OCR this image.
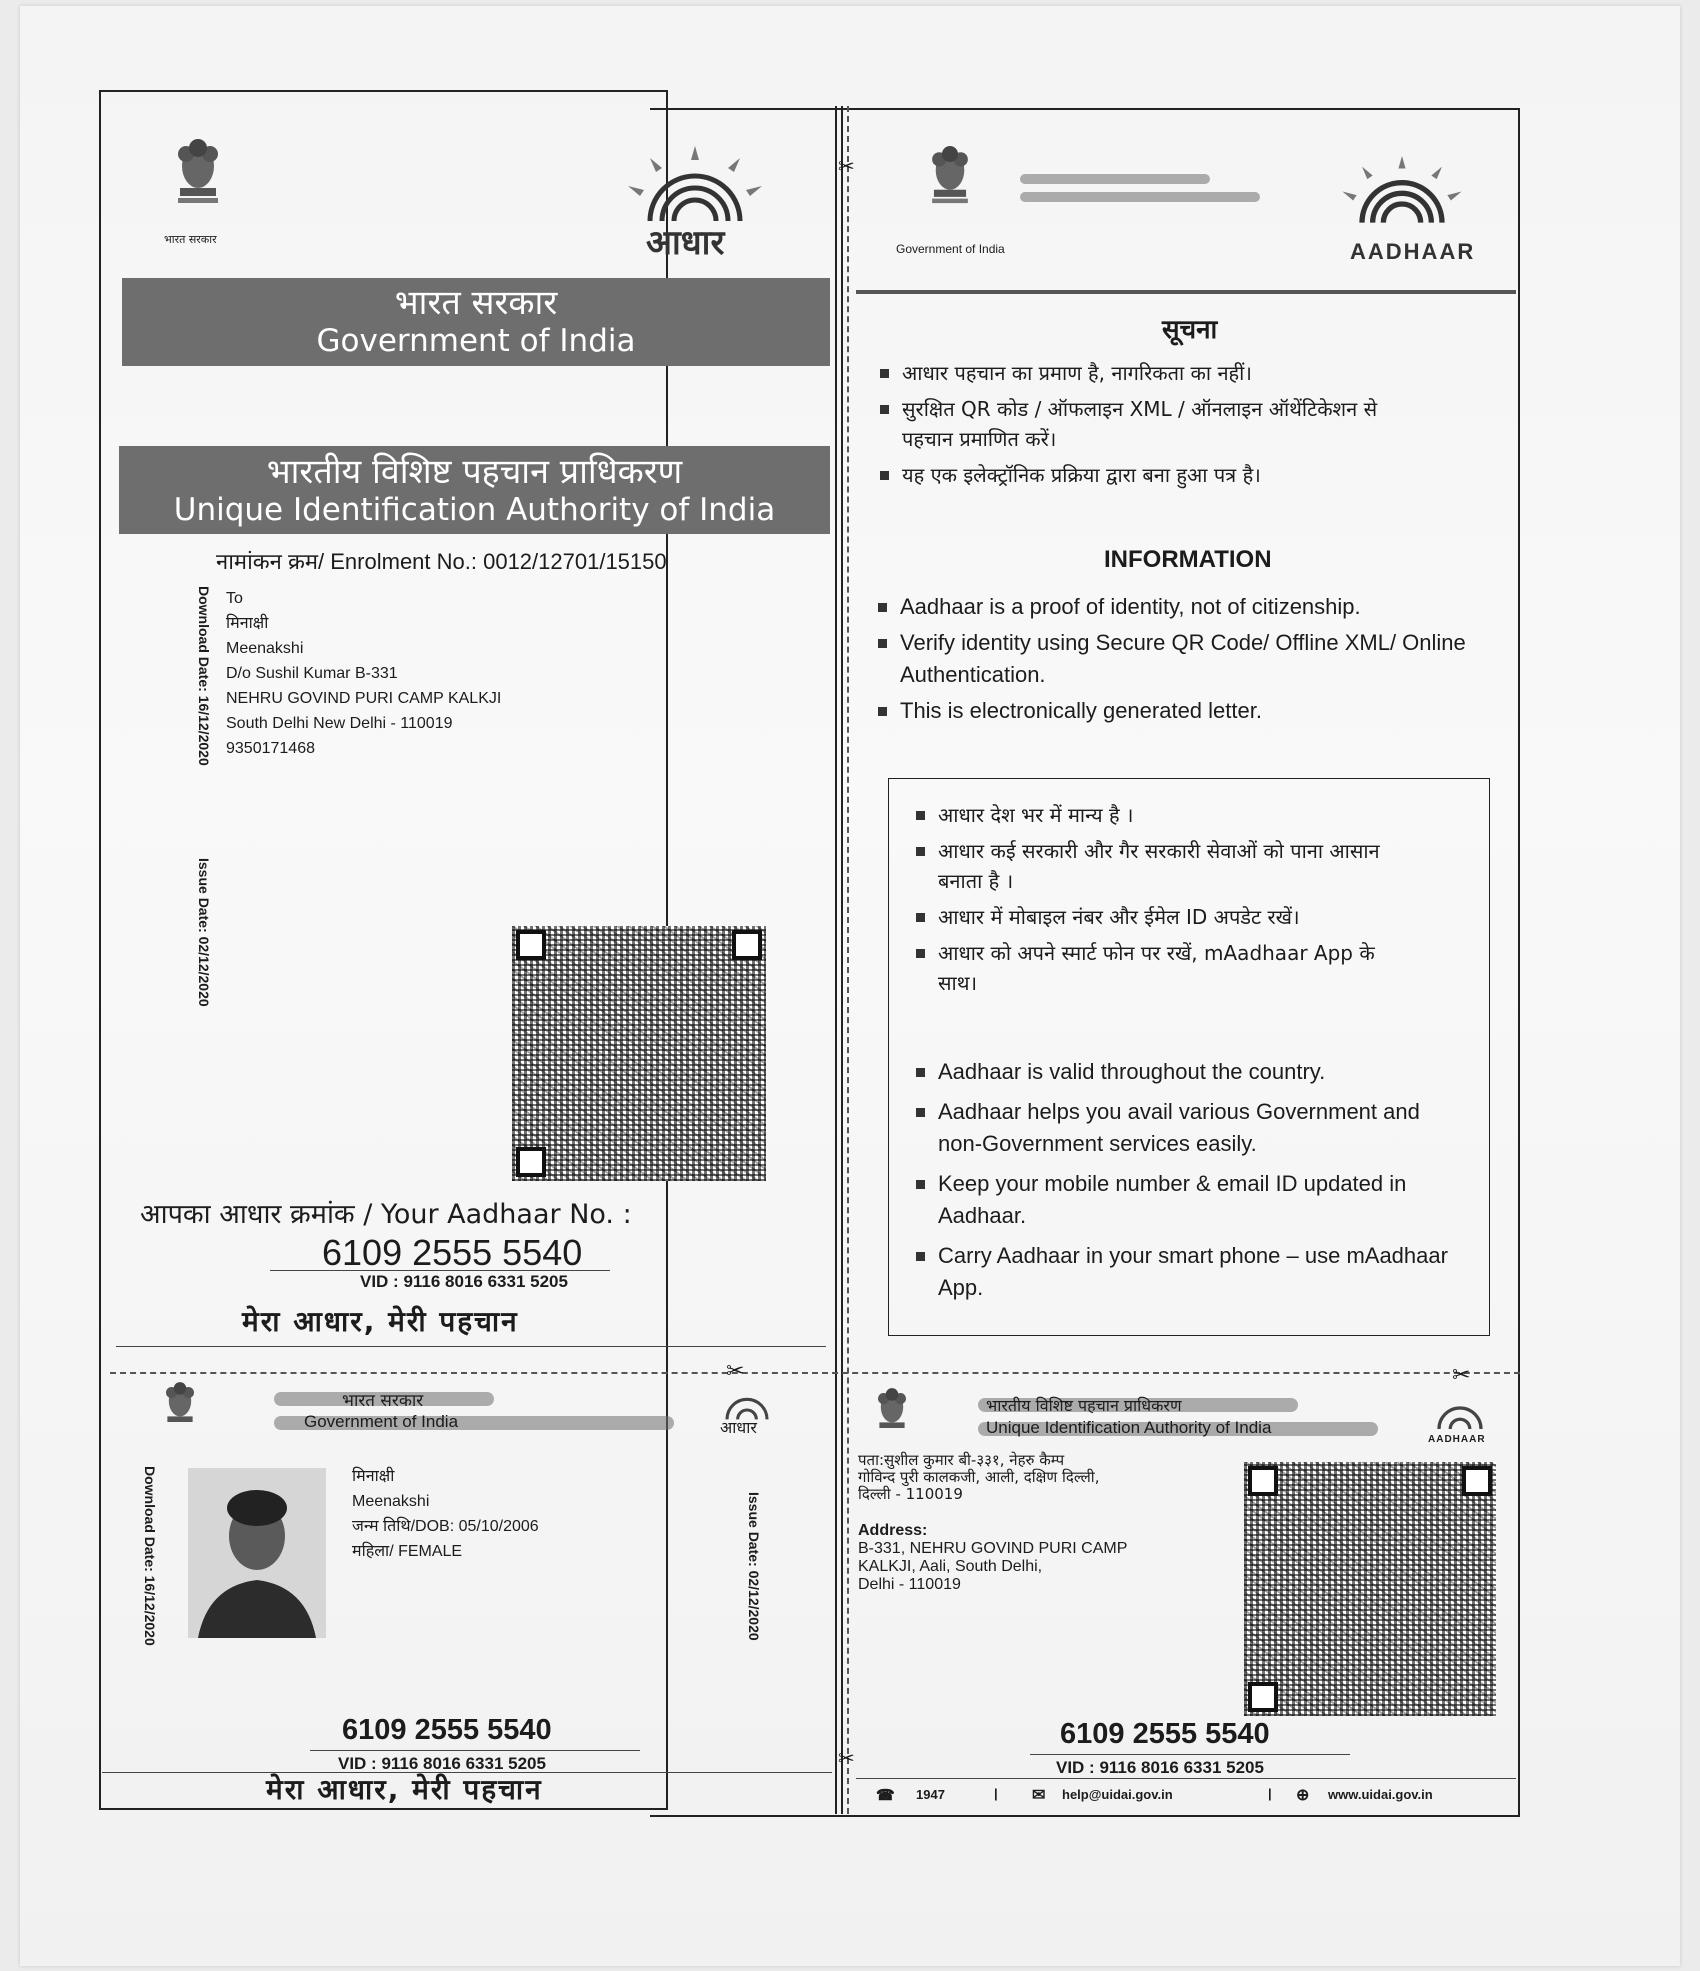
✂
✂
भारत सरकार	आधार
भारत सरकार
Government of India
भारतीय विशिष्ट पहचान प्राधिकरण
Unique Identification Authority of India
नामांकन क्रम/ Enrolment No.: 0012/12701/15150
Download Date: 16/12/2020
Issue Date: 02/12/2020
To
मिनाक्षी
Meenakshi
D/o Sushil Kumar B-331
NEHRU GOVIND PURI CAMP KALKJI
South Delhi New Delhi - 110019
9350171468
आपका आधार क्रमांक / Your Aadhaar No. :
6109 2555 5540
VID : 9116 8016 6331 5205
मेरा आधार, मेरी पहचान
✂	✂
Government of India	AADHAAR
सूचना
आधार पहचान का प्रमाण है, नागरिकता का नहीं।
सुरक्षित QR कोड / ऑफलाइन XML / ऑनलाइन ऑथेंटिकेशन से पहचान प्रमाणित करें।
यह एक इलेक्ट्रॉनिक प्रक्रिया द्वारा बना हुआ पत्र है।
INFORMATION
Aadhaar is a proof of identity, not of citizenship.
Verify identity using Secure QR Code/ Offline XML/ Online Authentication.
This is electronically generated letter.
आधार देश भर में मान्य है ।
आधार कई सरकारी और गैर सरकारी सेवाओं को पाना आसान बनाता है ।
आधार में मोबाइल नंबर और ईमेल ID अपडेट रखें।
आधार को अपने स्मार्ट फोन पर रखें, mAadhaar App के साथ।
Aadhaar is valid throughout the country.
Aadhaar helps you avail various Government and non-Government services easily.
Keep your mobile number & email ID updated in Aadhaar.
Carry Aadhaar in your smart phone – use mAadhaar App.
भारत सरकार
Government of India	आधार
Download Date: 16/12/2020	Issue Date: 02/12/2020
मिनाक्षी
Meenakshi
जन्म तिथि/DOB: 05/10/2006
महिला/ FEMALE
6109 2555 5540
VID : 9116 8016 6331 5205
मेरा आधार, मेरी पहचान
भारतीय विशिष्ट पहचान प्राधिकरण
Unique Identification Authority of India
AADHAAR
पता:सुशील कुमार बी-३३१, नेहरु कैम्प
गोविन्द पुरी कालकजी, आली, दक्षिण दिल्ली,
दिल्ली - 110019
Address:
B-331, NEHRU GOVIND PURI CAMP
KALKJI, Aali, South Delhi,
Delhi - 110019
6109 2555 5540
VID : 9116 8016 6331 5205
☎ 1947	| ✉ help@uidai.gov.in	| ⊕ www.uidai.gov.in
